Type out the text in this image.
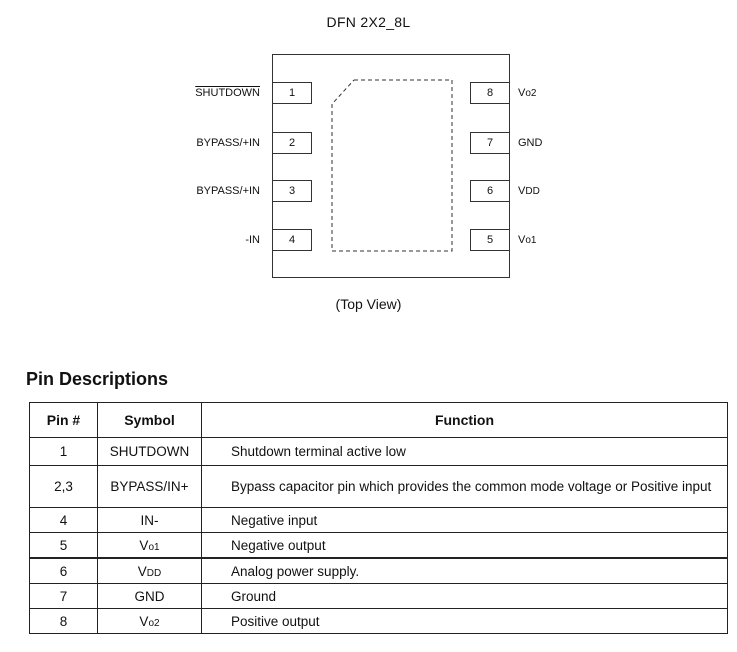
DFN 2X2_8L
1
2
3
4
SHUTDOWN
BYPASS/+IN
BYPASS/+IN
-IN
8
7
6
5
Vo2
GND
VDD
Vo1
(Top View)
Pin Descriptions
Pin #	Symbol	Function
1	SHUTDOWN	Shutdown terminal active low
2,3	BYPASS/IN+	Bypass capacitor pin which provides the common mode voltage or Positive input
4	IN-	Negative input
5	Vo1	Negative output
6	VDD	Analog power supply.
7	GND	Ground
8	Vo2	Positive output
